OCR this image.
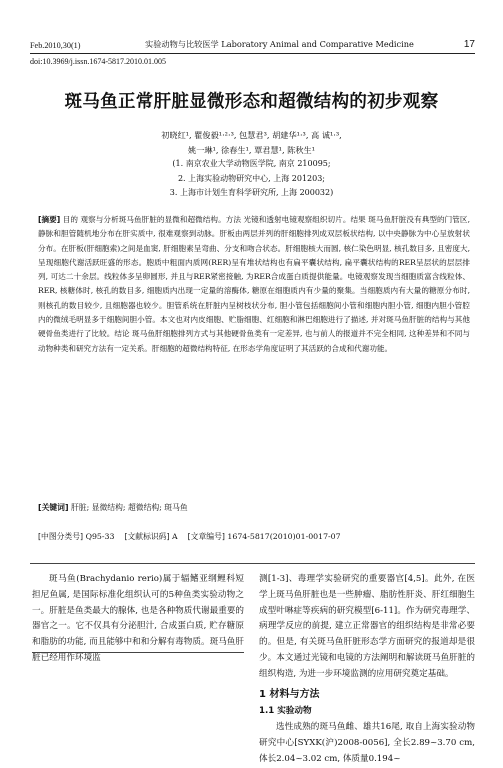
Feb.2010,30(1)	实验动物与比较医学 Laboratory Animal and Comparative Medicine	17
doi:10.3969/j.issn.1674-5817.2010.01.005
斑马鱼正常肝脏显微形态和超微结构的初步观察
初晓红¹, 瞿俊毅¹·²·³, 包慧君³, 胡建华¹·³, 高 诚¹·³,
姚一琳¹, 徐春生¹, 覃君慧¹, 陈秋生¹
(1. 南京农业大学动物医学院, 南京 210095;
2. 上海实验动物研究中心, 上海 201203;
3. 上海市计划生育科学研究所, 上海 200032)
[摘要] 目的 观察与分析斑马鱼肝脏的显微和超微结构。方法 光镜和透射电镜观察组织切片。结果 斑马鱼肝脏没有典型的门管区, 静脉和胆管随机地分布在肝实质中, 很难观察到动脉。肝板由两层并列的肝细胞排列成双层板状结构, 以中央静脉为中心呈放射状分布。在肝板(肝细胞索)之间是血窦, 肝细胞素呈弯曲、分支和吻合状态。肝细胞核大而圆, 核仁染色明显, 核孔数目多, 且密度大, 呈现细胞代谢活跃旺盛的形态。胞质中粗面内质网(RER)呈有堆状结构也有扁平囊状结构, 扁平囊状结构的RER呈层状的层层排列, 可达二十余层。线粒体多呈卵圆形, 并且与RER紧密接触, 为RER合成蛋白质提供能量。电镜观察发现当细胞质富含线粒体、RER, 核糖体时, 核孔的数目多, 细胞质内出现一定量的溶酶体, 糖原在细胞质内有少量的聚集。当细胞质内有大量的糖原分布时, 则核孔的数目较少, 且细胞器也较少。胆管系统在肝脏内呈树枝状分布, 胆小管包括细胞间小管和细胞内胆小管, 细胞内胆小管腔内的微绒毛明显多于细胞间胆小管。本文也对内皮细胞、贮脂细胞、红细胞和淋巴细胞进行了描述, 并对斑马鱼肝脏的结构与其他硬骨鱼类进行了比较。结论 斑马鱼肝细胞排列方式与其他硬骨鱼类有一定差异, 也与前人的报道并不完全相同, 这种差异和不同与动物种类和研究方法有一定关系。肝细胞的超微结构特征, 在形态学角度证明了其活跃的合成和代谢功能。
[关键词] 肝脏; 显微结构; 超微结构; 斑马鱼
[中图分类号] Q95-33 [文献标识码] A [文章编号] 1674-5817(2010)01-0017-07

斑马鱼(Brachydanio rerio)属于辐鳍亚纲鲤科短担尼鱼属, 是国际标准化组织认可的5种鱼类实验动物之一。肝脏是鱼类最大的腺体, 也是各种物质代谢最重要的器官之一。它不仅具有分泌胆汁, 合成蛋白质, 贮存糖原和脂肪的功能, 而且能够中和和分解有毒物质。斑马鱼肝脏已经用作环境监

测[1-3]、毒理学实验研究的重要器官[4,5]。此外, 在医学上斑马鱼肝脏也是一些肿瘤、脂肪性肝炎、肝红细胞生成型叶啉症等疾病的研究模型[6-11]。作为研究毒理学、病理学反应的前提, 建立正常器官的组织结构是非常必要的。但是, 有关斑马鱼肝脏形态学方面研究的报道却是很少。本文通过光镜和电镜的方法阐明和解读斑马鱼肝脏的组织构造, 为进一步环境监测的应用研究奠定基础。

1 材料与方法
1.1 实验动物

选性成熟的斑马鱼雌、雄共16尾, 取自上海实验动物研究中心[SYXK(沪)2008-0056], 全长2.89~3.70 cm, 体长2.04~3.02 cm, 体质量0.194~
